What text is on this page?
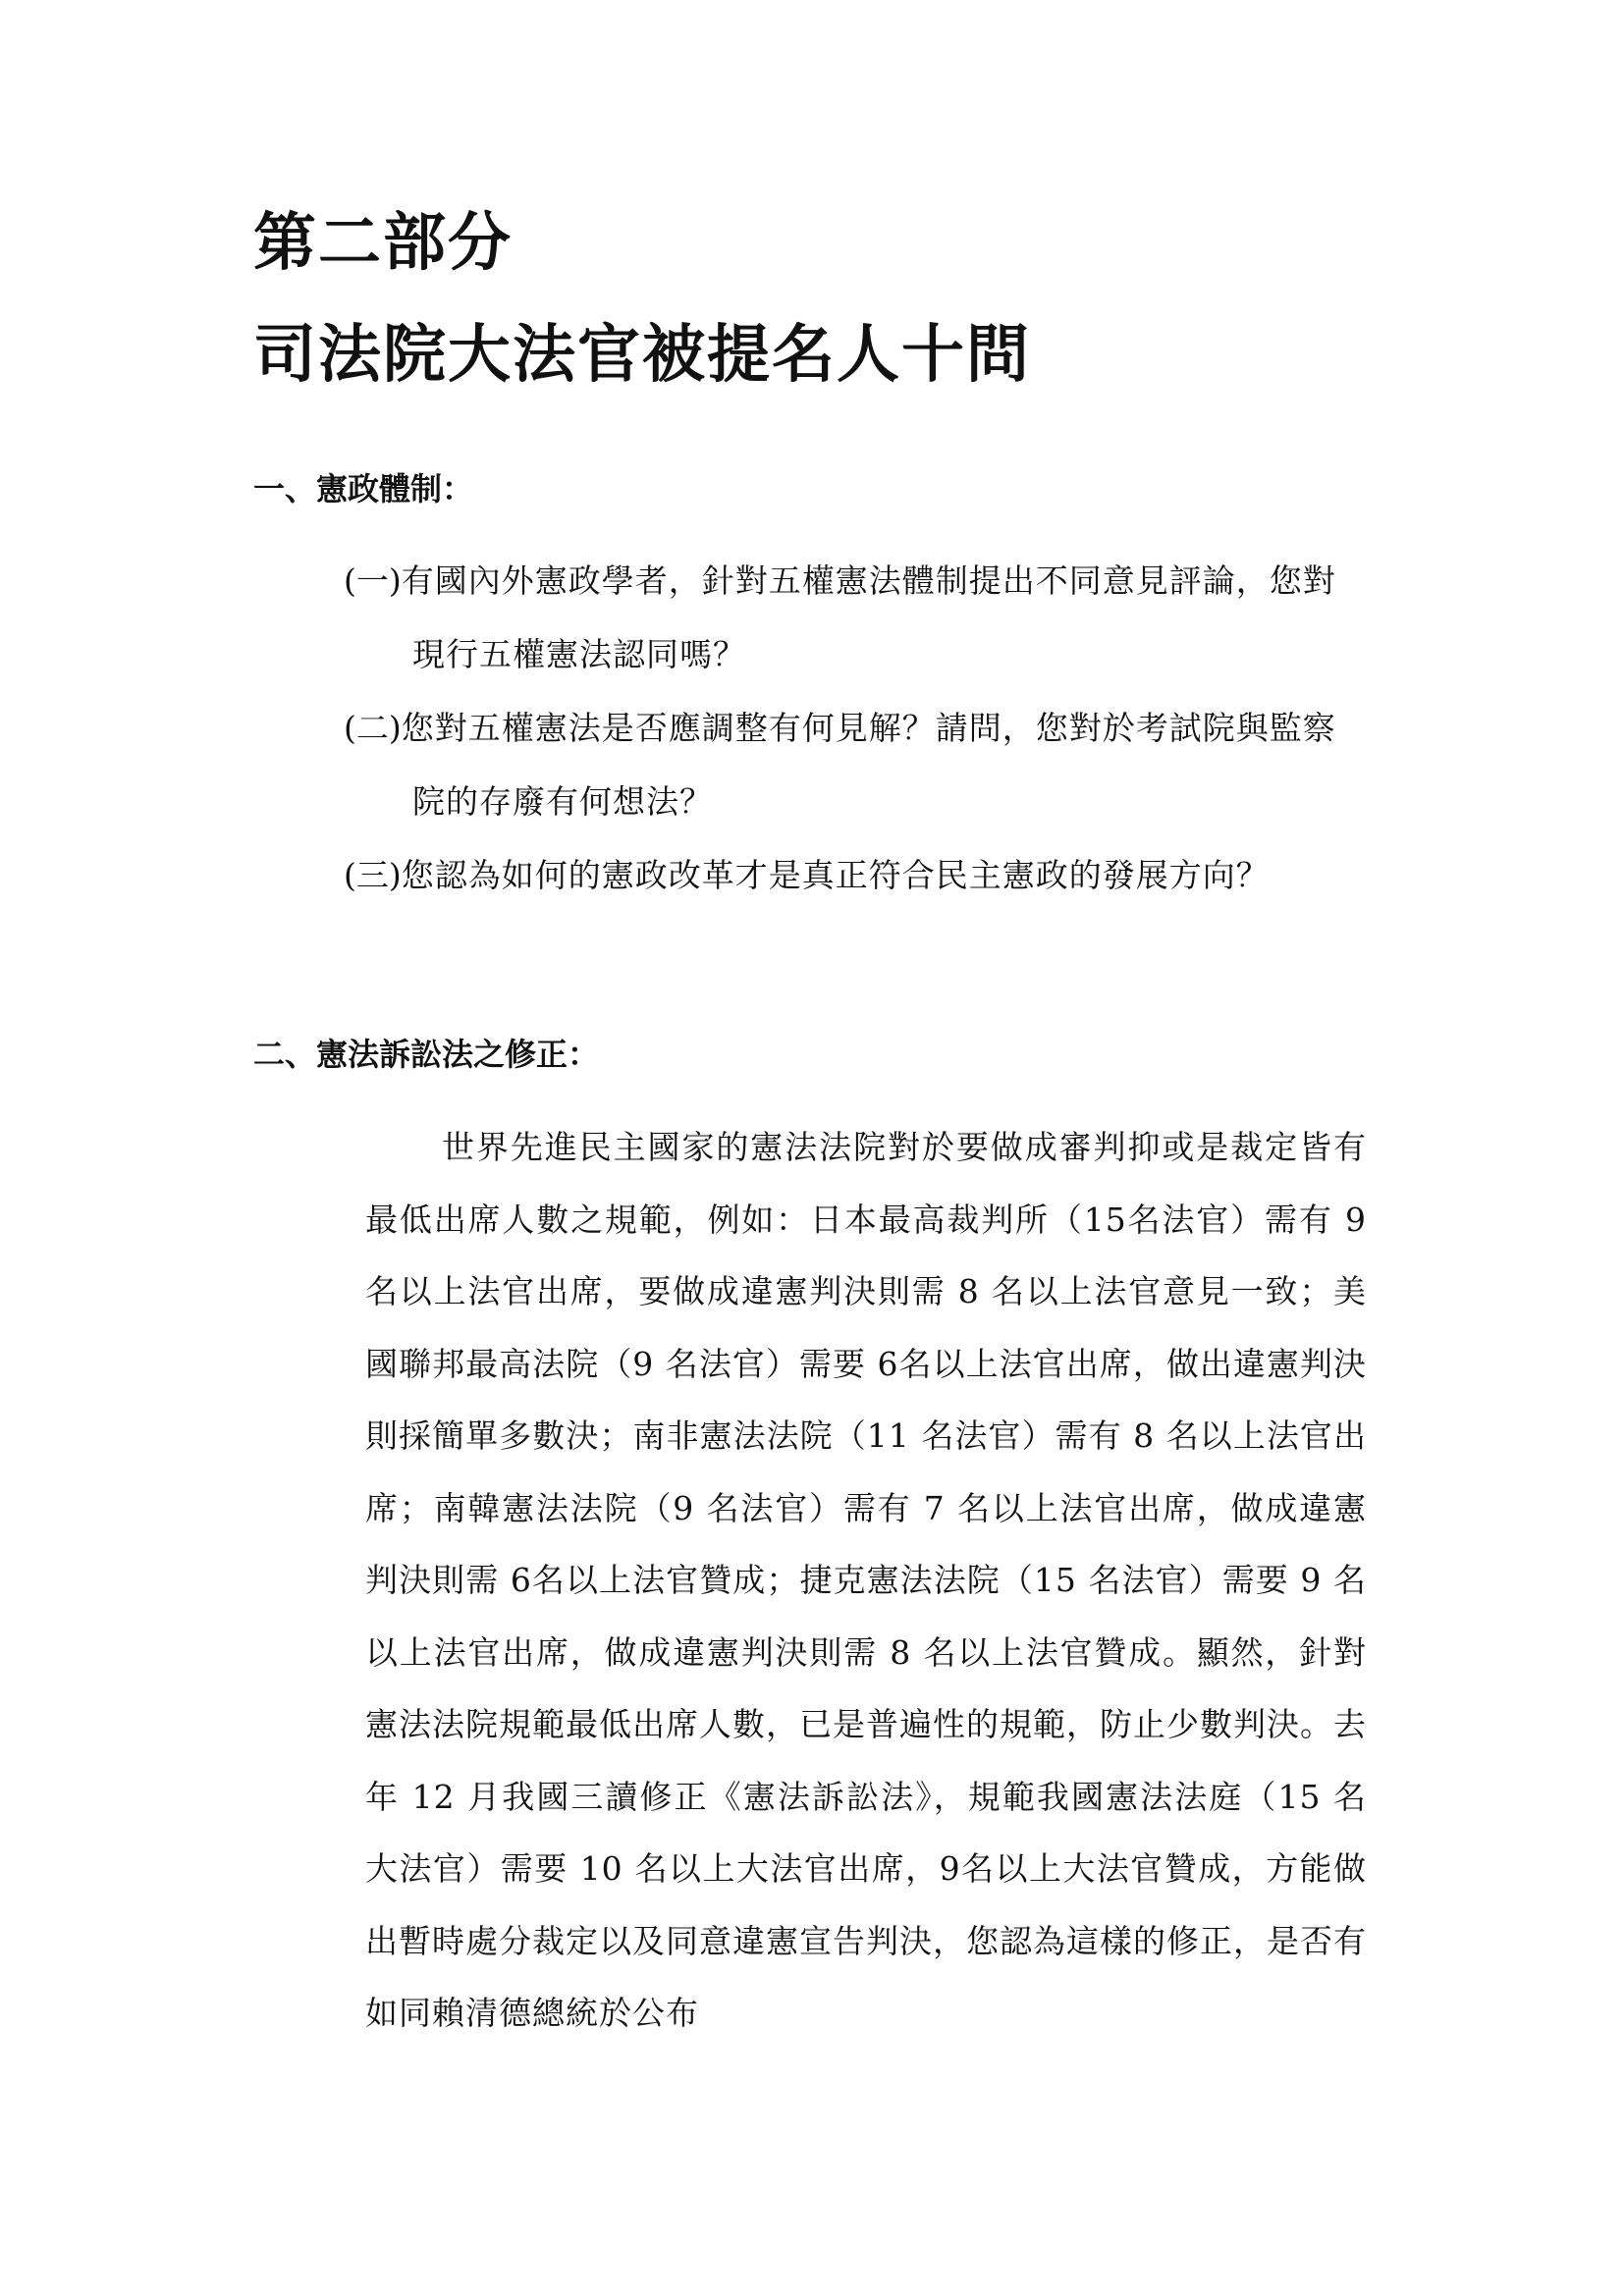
第二部分
司法院大法官被提名人十問
一、憲政體制：
(一)有國內外憲政學者，針對五權憲法體制提出不同意見評論，您對現行五權憲法認同嗎？
(二)您對五權憲法是否應調整有何見解？請問，您對於考試院與監察院的存廢有何想法？
(三)您認為如何的憲政改革才是真正符合民主憲政的發展方向？
二、憲法訴訟法之修正：

世界先進民主國家的憲法法院對於要做成審判抑或是裁定皆有最低出席人數之規範，例如：日本最高裁判所（15名法官）需有 9 名以上法官出席，要做成違憲判決則需 8 名以上法官意見一致；美國聯邦最高法院（9 名法官）需要 6名以上法官出席，做出違憲判決則採簡單多數決；南非憲法法院（11 名法官）需有 8 名以上法官出席；南韓憲法法院（9 名法官）需有 7 名以上法官出席，做成違憲判決則需 6名以上法官贊成；捷克憲法法院（15 名法官）需要 9 名以上法官出席，做成違憲判決則需 8 名以上法官贊成。顯然，針對憲法法院規範最低出席人數，已是普遍性的規範，防止少數判決。去年 12 月我國三讀修正《憲法訴訟法》，規範我國憲法法庭（15 名大法官）需要 10 名以上大法官出席，9名以上大法官贊成，方能做出暫時處分裁定以及同意違憲宣告判決，您認為這樣的修正，是否有如同賴清德總統於公布
